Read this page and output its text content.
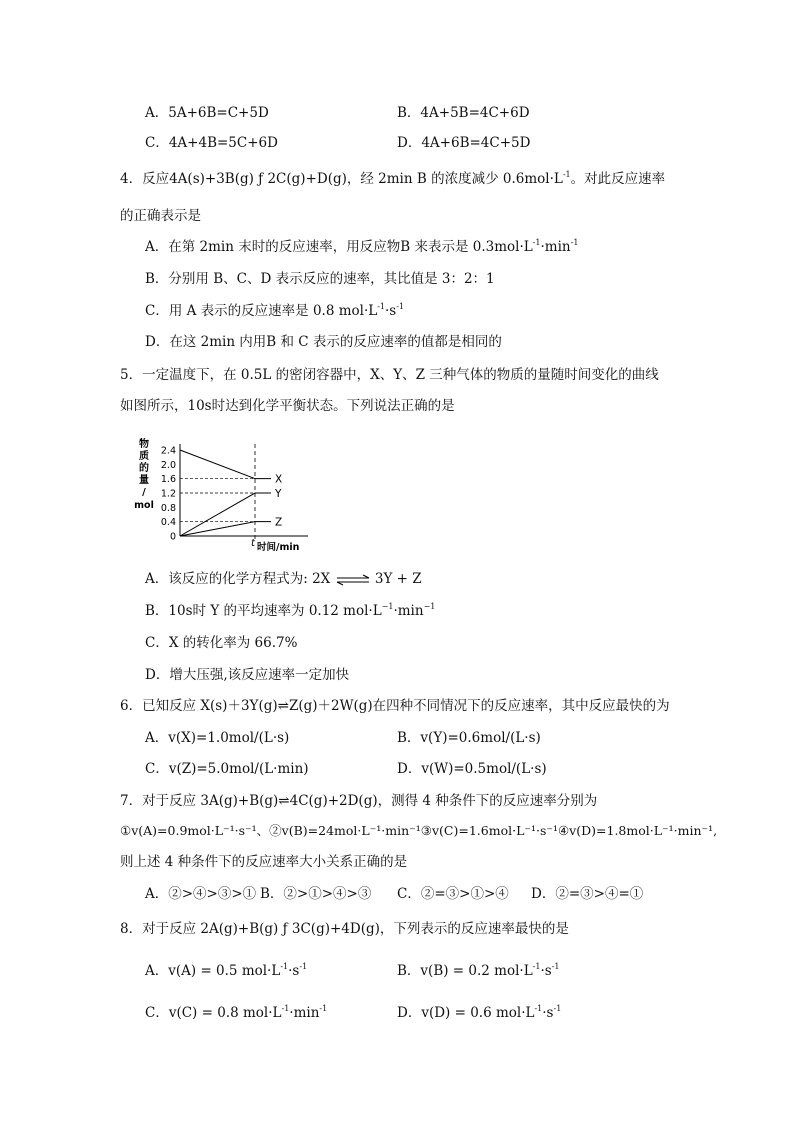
A．5A+6B=C+5D	B．4A+5B=4C+6D
C．4A+4B=5C+6D	D．4A+6B=4C+5D
4．反应4A(s)+3B(g) ƒ 2C(g)+D(g)，经 2min B 的浓度减少 $0.6mol\cdot L^{-1}$。对此反应速率
的正确表示是
A．在第 2min 末时的反应速率，用反应物B 来表示是 $0.3mol\cdot L^{-1}\cdot\min^{-1}$
B．分别用 B、C、D 表示反应的速率，其比值是 3：2：1
C．用 A 表示的反应速率是 0.8 $mol\cdot L^{-1}\cdot s^{-1}$
D．在这 2min 内用B 和 C 表示的反应速率的值都是相同的
5．一定温度下，在 0.5L 的密闭容器中，X、Y、Z 三种气体的物质的量随时间变化的曲线
如图所示，10s时达到化学平衡状态。下列说法正确的是
物
质
的
量
/
mol
2.4
2.0
1.6
1.2
0.8
0.4
0
X
Y
Z
t 时间/min
A．该反应的化学方程式为: 2X ⇌ 3Y + Z
B．10s时 Y 的平均速率为 0.12 $mol\cdot L^{-1}\cdot\min^{-1}$
C．X 的转化率为 66.7%
D．增大压强,该反应速率一定加快
6．已知反应 X(s)＋3Y(g)⇌Z(g)＋2W(g)在四种不同情况下的反应速率，其中反应最快的为
A．v(X)=1.0mol/(L·s)	B．v(Y)=0.6mol/(L·s)
C．v(Z)=5.0mol/(L·min)	D．v(W)=0.5mol/(L·s)
7．对于反应 3A(g)+B(g)⇌4C(g)+2D(g)，测得 4 种条件下的反应速率分别为
①v(A)=0.9mol·L⁻¹·s⁻¹、②v(B)=24mol·L⁻¹·min⁻¹③v(C)=1.6mol·L⁻¹·s⁻¹④v(D)=1.8mol·L⁻¹·min⁻¹,
则上述 4 种条件下的反应速率大小关系正确的是
A．②>④>③>① B．②>①>④>③ C．②=③>①>④ D．②=③>④=①
8．对于反应 2A(g)+B(g) ƒ 3C(g)+4D(g)，下列表示的反应速率最快的是
A．v(A) = 0.5 $mol\cdot L^{-1}\cdot s^{-1}$	B．v(B) = 0.2 $mol\cdot L^{-1}\cdot s^{-1}$
C．v(C) = 0.8 $mol\cdot L^{-1}\cdot\min^{-1}$	D．v(D) = 0.6 $mol\cdot L^{-1}\cdot s^{-1}$
